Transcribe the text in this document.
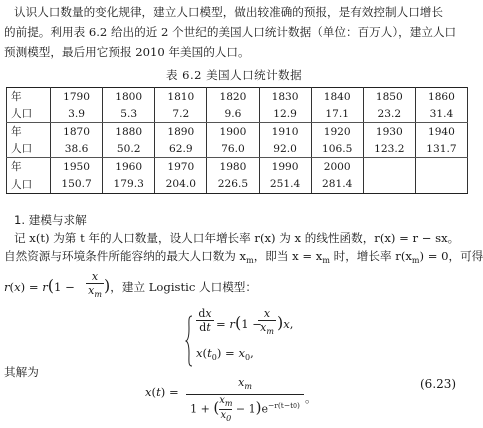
认识人口数量的变化规律，建立人口模型，做出较准确的预报，是有效控制人口增长
的前提。利用表 6.2 给出的近 2 个世纪的美国人口统计数据（单位：百万人），建立人口
预测模型，最后用它预报 2010 年美国的人口。
表 6.2 美国人口统计数据
年	1790	1800	1810	1820	1830	1840	1850	1860
人口	3.9	5.3	7.2	9.6	12.9	17.1	23.2	31.4
年	1870	1880	1890	1900	1910	1920	1930	1940
人口	38.6	50.2	62.9	76.0	92.0	106.5	123.2	131.7
年	1950	1960	1970	1980	1990	2000		
人口	150.7	179.3	204.0	226.5	251.4	281.4		
1. 建模与求解
记 x(t) 为第 t 年的人口数量，设人口年增长率 r(x) 为 x 的线性函数，r(x) = r − sx。
自然资源与环境条件所能容纳的最大人口数为 $x_m$，即当 $x = x_m$ 时，增长率 $r(x_m) = 0$，可得
r(x) = r(1 −
x
$x_m$ )，建立 Logistic 人口模型：
dx
dt = r(1 −
x
$x_m$ )x,
$x(t_0) = x_0$,
其解为
x(t) =
$x_m$
1 + ( $\frac{x_m}{x_0} - 1)e^{-r(t-t0)}$ 。
(6.23)
